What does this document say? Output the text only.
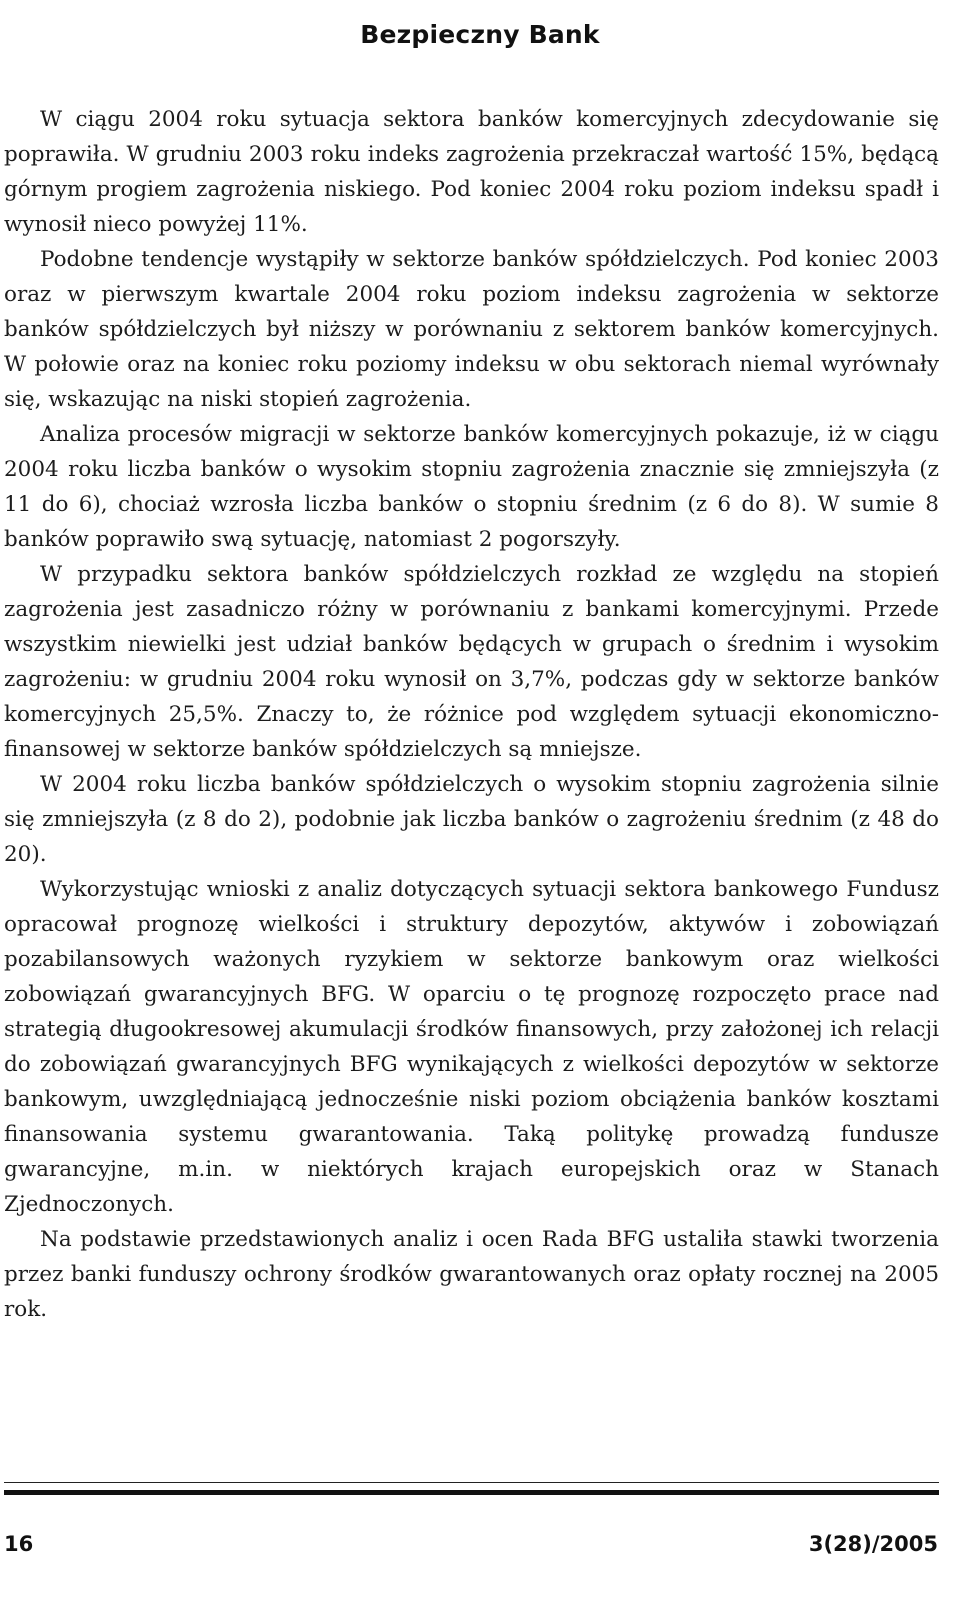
Bezpieczny Bank

W ciągu 2004 roku sytuacja sektora banków komercyjnych zdecydowanie się poprawiła. W grudniu 2003 roku indeks zagrożenia przekraczał wartość 15%, będącą górnym progiem zagrożenia niskiego. Pod koniec 2004 roku poziom indeksu spadł i wynosił nieco powyżej 11%.

Podobne tendencje wystąpiły w sektorze banków spółdzielczych. Pod koniec 2003 oraz w pierwszym kwartale 2004 roku poziom indeksu zagrożenia w sektorze banków spółdzielczych był niższy w porównaniu z sektorem banków komercyjnych. W połowie oraz na koniec roku poziomy indeksu w obu sektorach niemal wyrównały się, wskazując na niski stopień zagrożenia.

Analiza procesów migracji w sektorze banków komercyjnych pokazuje, iż w ciągu 2004 roku liczba banków o wysokim stopniu zagrożenia znacznie się zmniejszyła (z 11 do 6), chociaż wzrosła liczba banków o stopniu średnim (z 6 do 8). W sumie 8 banków poprawiło swą sytuację, natomiast 2 pogorszyły.

W przypadku sektora banków spółdzielczych rozkład ze względu na stopień zagrożenia jest zasadniczo różny w porównaniu z bankami komercyjnymi. Przede wszystkim niewielki jest udział banków będących w grupach o średnim i wysokim zagrożeniu: w grudniu 2004 roku wynosił on 3,7%, podczas gdy w sektorze banków komercyjnych 25,5%. Znaczy to, że różnice pod względem sytuacji ekonomiczno-finansowej w sektorze banków spółdzielczych są mniejsze.

W 2004 roku liczba banków spółdzielczych o wysokim stopniu zagrożenia silnie się zmniejszyła (z 8 do 2), podobnie jak liczba banków o zagrożeniu średnim (z 48 do 20).

Wykorzystując wnioski z analiz dotyczących sytuacji sektora bankowego Fundusz opracował prognozę wielkości i struktury depozytów, aktywów i zobowiązań pozabilansowych ważonych ryzykiem w sektorze bankowym oraz wielkości zobowiązań gwarancyjnych BFG. W oparciu o tę prognozę rozpoczęto prace nad strategią długookresowej akumulacji środków finansowych, przy założonej ich relacji do zobowiązań gwarancyjnych BFG wynikających z wielkości depozytów w sektorze bankowym, uwzględniającą jednocześnie niski poziom obciążenia banków kosztami finansowania systemu gwarantowania. Taką politykę prowadzą fundusze gwarancyjne, m.in. w niektórych krajach europejskich oraz w Stanach Zjednoczonych.

Na podstawie przedstawionych analiz i ocen Rada BFG ustaliła stawki tworzenia przez banki funduszy ochrony środków gwarantowanych oraz opłaty rocznej na 2005 rok.

16	3(28)/2005
